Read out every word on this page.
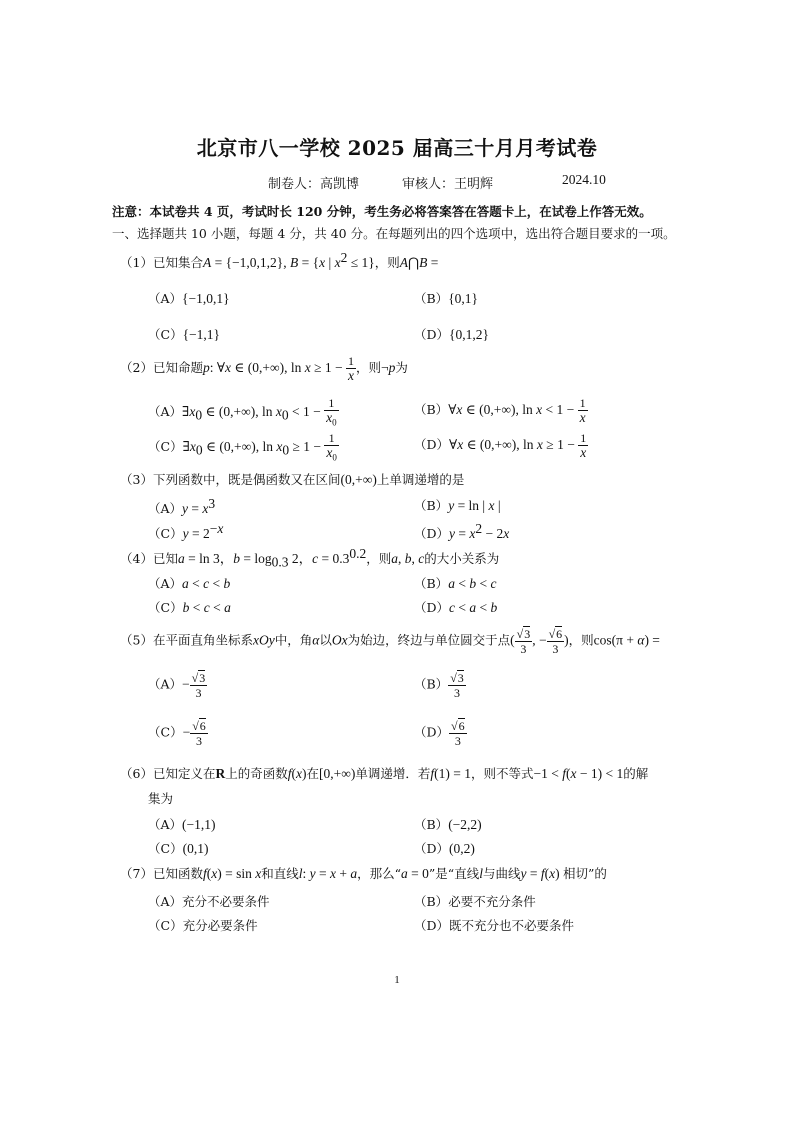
北京市八一学校 2025 届高三十月月考试卷
制卷人：高凯博	审核人：王明辉	2024.10
注意：本试卷共 4 页，考试时长 120 分钟，考生务必将答案答在答题卡上，在试卷上作答无效。
一、选择题共 10 小题，每题 4 分，共 40 分。在每题列出的四个选项中，选出符合题目要求的一项。
（1）已知集合A = {−1,0,1,2}, B = {x | $x^2 \le 1$}，则A⋂B =
（A）{−1,0,1}	（B）{0,1}
（C）{−1,1}	（D）{0,1,2}
（2）已知命题p: ∀x ∈ (0,+∞), $\ln x \ge 1 - \frac{1}{x}$ ，则¬p为
$(A)\exists x_0$ ∈ (0,+∞), $\ln x_0 < 1 - \frac{1}{x_0}$	（B）∀x ∈ (0,+∞), $\ln x < 1 - \frac{1}{x}$
$(C)\exists x_0$ ∈ (0,+∞), $\ln x_0 \ge 1 - \frac{1}{x_0}$	（D）∀x ∈ (0,+∞), $\ln x \ge 1 - \frac{1}{x}$
（3）下列函数中，既是偶函数又在区间(0,+∞)上单调递增的是
$(A)y = x^3$	（B）y = ln | x |
$(C)y = 2^{-x}$	$(D)y = x^2 - 2x$
（4）已知a = ln 3，$b = \log_{0.3} 2$，$c = 0.3^{0.2}$，则a, b, c的大小关系为
（A）a < c < b	（B）a < b < c
（C）b < c < a	（D）c < a < b
（5）在平面直角坐标系xOy中，角α以Ox为始边，终边与单位圆交于点( $\frac{√3}{3}$ , − $\frac{√6}{3}$ )，则cos(π + α) =
$(A)- \frac{√3}{3}$	$(B) \frac{√3}{3}$
$(C)- \frac{√6}{3}$	$(D) \frac{√6}{3}$
（6）已知定义在R上的奇函数f(x)在[0,+∞)单调递增．若f(1) = 1，则不等式−1 < f(x − 1) < 1的解
集为
（A）(−1,1)	（B）(−2,2)
（C）(0,1)	（D）(0,2)
（7）已知函数f(x) = sin x和直线l: y = x + a，那么“a = 0”是“直线l与曲线y = f(x) 相切”的
（A）充分不必要条件	（B）必要不充分条件
（C）充分必要条件	（D）既不充分也不必要条件
1
